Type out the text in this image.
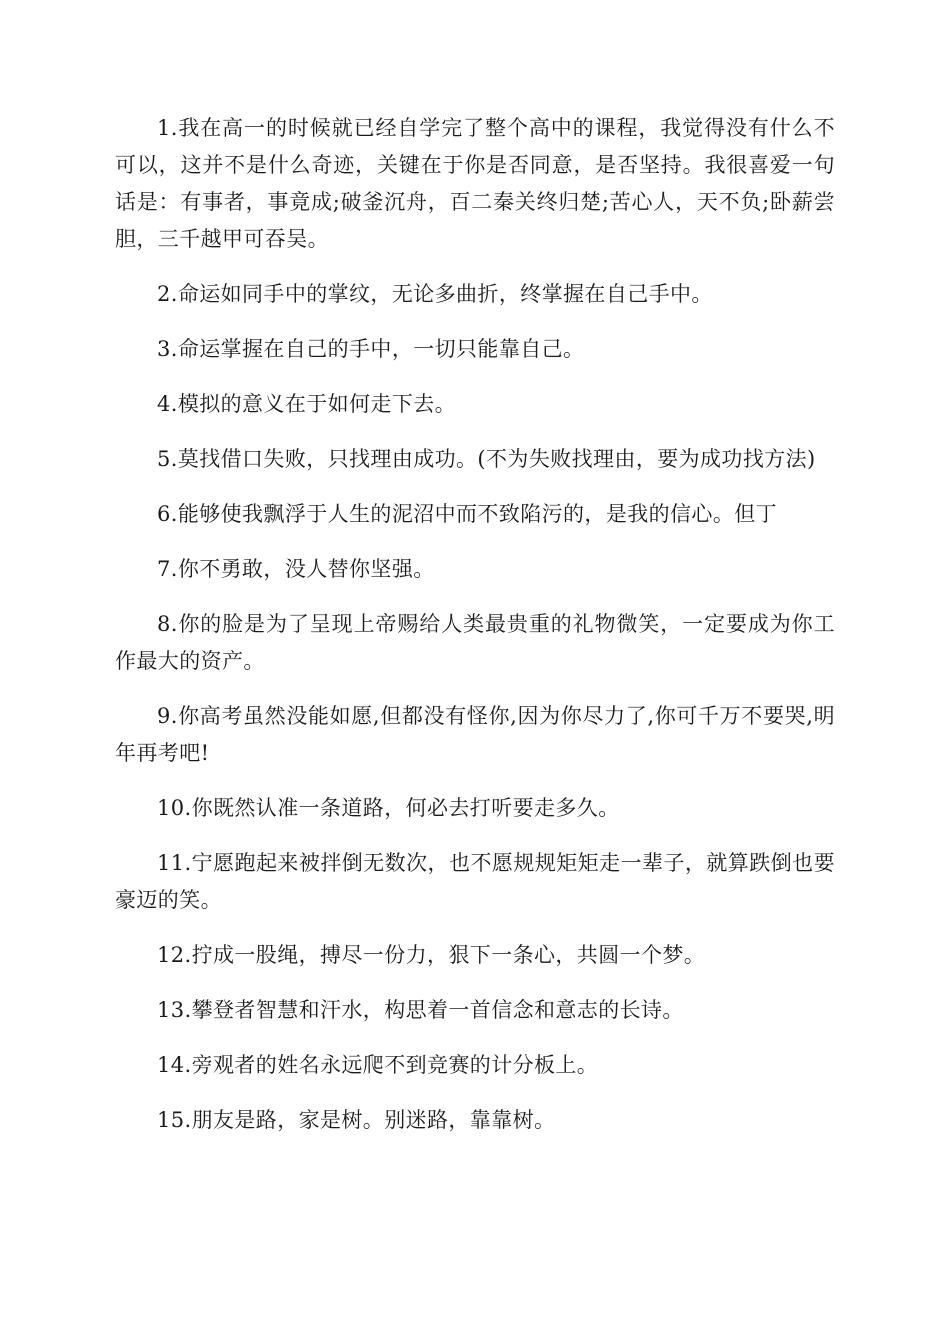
1.我在高一的时候就已经自学完了整个高中的课程，我觉得没有什么不可以，这并不是什么奇迹，关键在于你是否同意，是否坚持。我很喜爱一句话是：有事者，事竟成;破釜沉舟，百二秦关终归楚;苦心人，天不负;卧薪尝胆，三千越甲可吞吴。

2.命运如同手中的掌纹，无论多曲折，终掌握在自己手中。

3.命运掌握在自己的手中，一切只能靠自己。

4.模拟的意义在于如何走下去。

5.莫找借口失败，只找理由成功。(不为失败找理由，要为成功找方法)

6.能够使我飘浮于人生的泥沼中而不致陷污的，是我的信心。但丁

7.你不勇敢，没人替你坚强。

8.你的脸是为了呈现上帝赐给人类最贵重的礼物微笑，一定要成为你工作最大的资产。

9.你高考虽然没能如愿,但都没有怪你,因为你尽力了,你可千万不要哭,明年再考吧!

10.你既然认准一条道路，何必去打听要走多久。

11.宁愿跑起来被拌倒无数次，也不愿规规矩矩走一辈子，就算跌倒也要豪迈的笑。

12.拧成一股绳，搏尽一份力，狠下一条心，共圆一个梦。

13.攀登者智慧和汗水，构思着一首信念和意志的长诗。

14.旁观者的姓名永远爬不到竞赛的计分板上。

15.朋友是路，家是树。别迷路，靠靠树。
